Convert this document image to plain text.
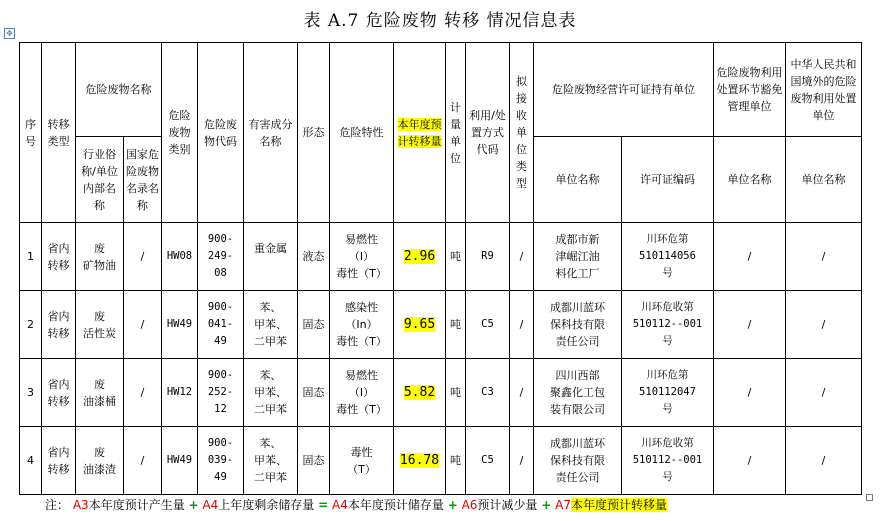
表 A.7 危险废物 转移 情况信息表
✥
序号	转移类型	危险废物名称		危险废物类别	危险废物代码	有害成分名称	形态	危险特性	本年度预计转移量	计量单位	利用/处置方式代码	拟接收单位类型	危险废物经营许可证持有单位		危险废物利用处置环节豁免管理单位	中华人民共和国境外的危险废物利用处置单位
		行业俗称/单位内部名称	国家危险废物名录名称										单位名称	许可证编码	单位名称	单位名称
1	省内转移	废
矿物油	/	HW08	900-
249-
08	重金属	液态	易燃性
（I）
毒性（T）	2.96	吨	R9	/	成都市新
津崛江油
料化工厂	川环危第
510114056
号	/	/
2	省内转移	废
活性炭	/	HW49	900-
041-
49	苯、
甲苯、
二甲苯	固态	感染性
（In）
毒性（T）	9.65	吨	C5	/	成都川蓝环
保科技有限
责任公司	川环危收第
510112--001
号	/	/
3	省内转移	废
油漆桶	/	HW12	900-
252-
12	苯、
甲苯、
二甲苯	固态	易燃性
（I）
毒性（T）	5.82	吨	C3	/	四川西部
聚鑫化工包
装有限公司	川环危第
510112047
号	/	/
4	省内转移	废
油漆渣	/	HW49	900-
039-
49	苯、
甲苯、
二甲苯	固态	毒性
（T）	16.78	吨	C5	/	成都川蓝环
保科技有限
责任公司	川环危收第
510112--001
号	/	/
注： A3本年度预计产生量 + A4上年度剩余储存量 = A4本年度预计储存量 + A6预计减少量 + A7本年度预计转移量
